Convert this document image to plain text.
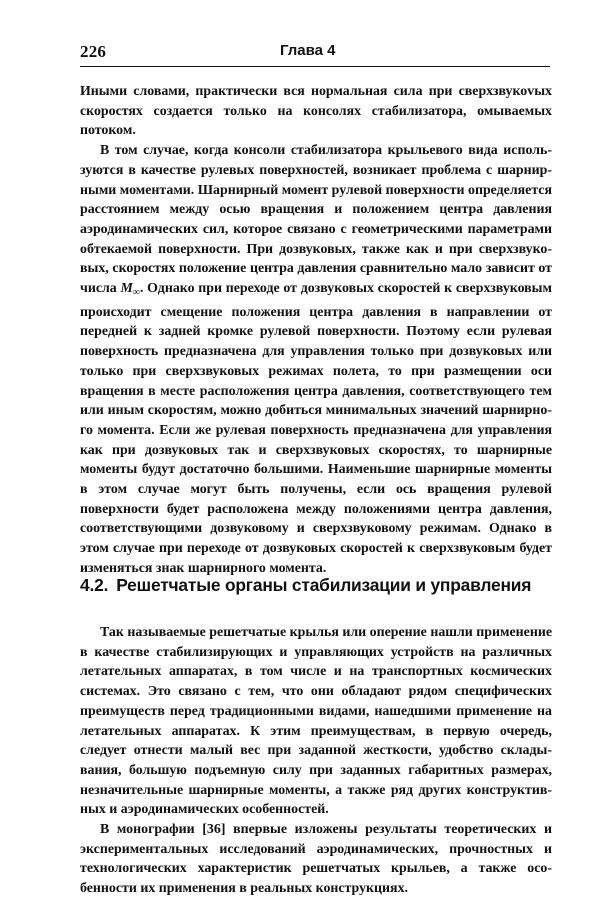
226	Глава 4

Иными словами, практически вся нормальная сила при сверхзвукоvых скоростях создается только на консолях стабилизатора, омываемых потоком.

В том случае, когда консоли стабилизатора крыльевого вида используются в качестве рулевых поверхностей, возникает проблема с шарнирными моментами. Шарнирный момент рулевой поверхности определяется расстоянием между осью вращения и положением центра давления аэродинамических сил, которое связано с геометрическими параметрами обтекаемой поверхности. При дозвуковых, также как и при сверхзвуковых, скоростях положение центра давления сравнительно мало зависит от числа $M_\infty$. Однако при переходе от дозвуковых скоростей к сверхзвуковым происходит смещение положения центра давления в направлении от передней к задней кромке рулевой поверхности. Поэтому если рулевая поверхность предназначена для управления только при дозвуковых или только при сверхзвуковых режимах полета, то при размещении оси вращения в месте расположения центра давления, соответствующего тем или иным скоростям, можно добиться минимальных значений шарнирного момента. Если же рулевая поверхность предназначена для управления как при дозвуковых так и сверхзвуковых скоростях, то шарнирные моменты будут достаточно большими. Наименьшие шарнирные моменты в этом случае могут быть получены, если ось вращения рулевой поверхности будет расположена между положениями центра давления, соответствующими дозвуковому и сверхзвуковому режимам. Однако в этом случае при переходе от дозвуковых скоростей к сверхзвуковым будет изменяться знак шарнирного момента.

4.2. Решетчатые органы стабилизации и управления

Так называемые решетчатые крылья или оперение нашли применение в качестве стабилизирующих и управляющих устройств на различных летательных аппаратах, в том числе и на транспортных космических системах. Это связано с тем, что они обладают рядом специфических преимуществ перед традиционными видами, нашедшими применение на летательных аппаратах. К этим преимуществам, в первую очередь, следует отнести малый вес при заданной жесткости, удобство складывания, большую подъемную силу при заданных габаритных размерах, незначительные шарнирные моменты, а также ряд других конструктивных и аэродинамических особенностей.

В монографии [36] впервые изложены результаты теоретических и экспериментальных исследований аэродинамических, прочностных и технологических характеристик решетчатых крыльев, а также особенности их применения в реальных конструкциях.
